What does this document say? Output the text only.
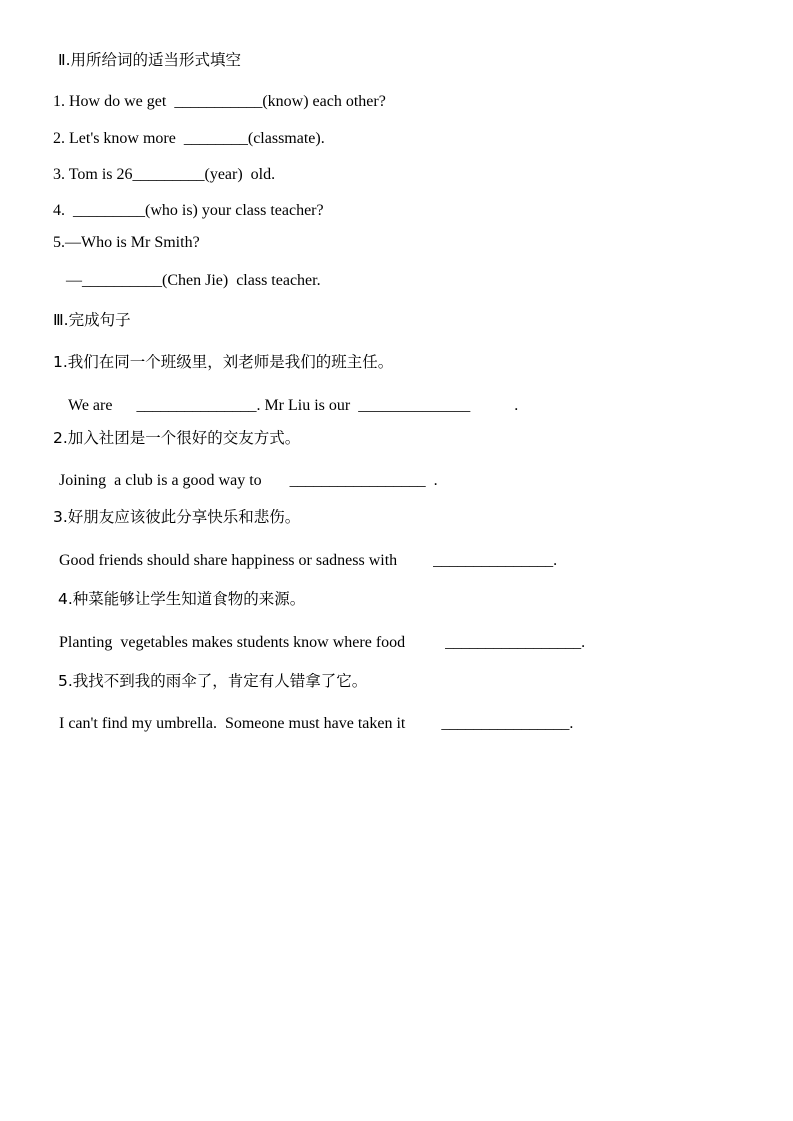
Ⅱ.用所给词的适当形式填空
1. How do we get  ___________(know) each other?
2. Let's know more  ________(classmate).
3. Tom is 26_________(year)  old.
4.  _________(who is) your class teacher?
5.—Who is Mr Smith?
—__________(Chen Jie)  class teacher.
Ⅲ.完成句子
1.我们在同一个班级里，刘老师是我们的班主任。
We are      _______________. Mr Liu is our  ______________           .
2.加入社团是一个很好的交友方式。
Joining  a club is a good way to       _________________  .
3.好朋友应该彼此分享快乐和悲伤。
Good friends should share happiness or sadness with         _______________.
4.种菜能够让学生知道食物的来源。
Planting  vegetables makes students know where food          _________________.
5.我找不到我的雨伞了，肯定有人错拿了它。
I can't find my umbrella.  Someone must have taken it         ________________.
